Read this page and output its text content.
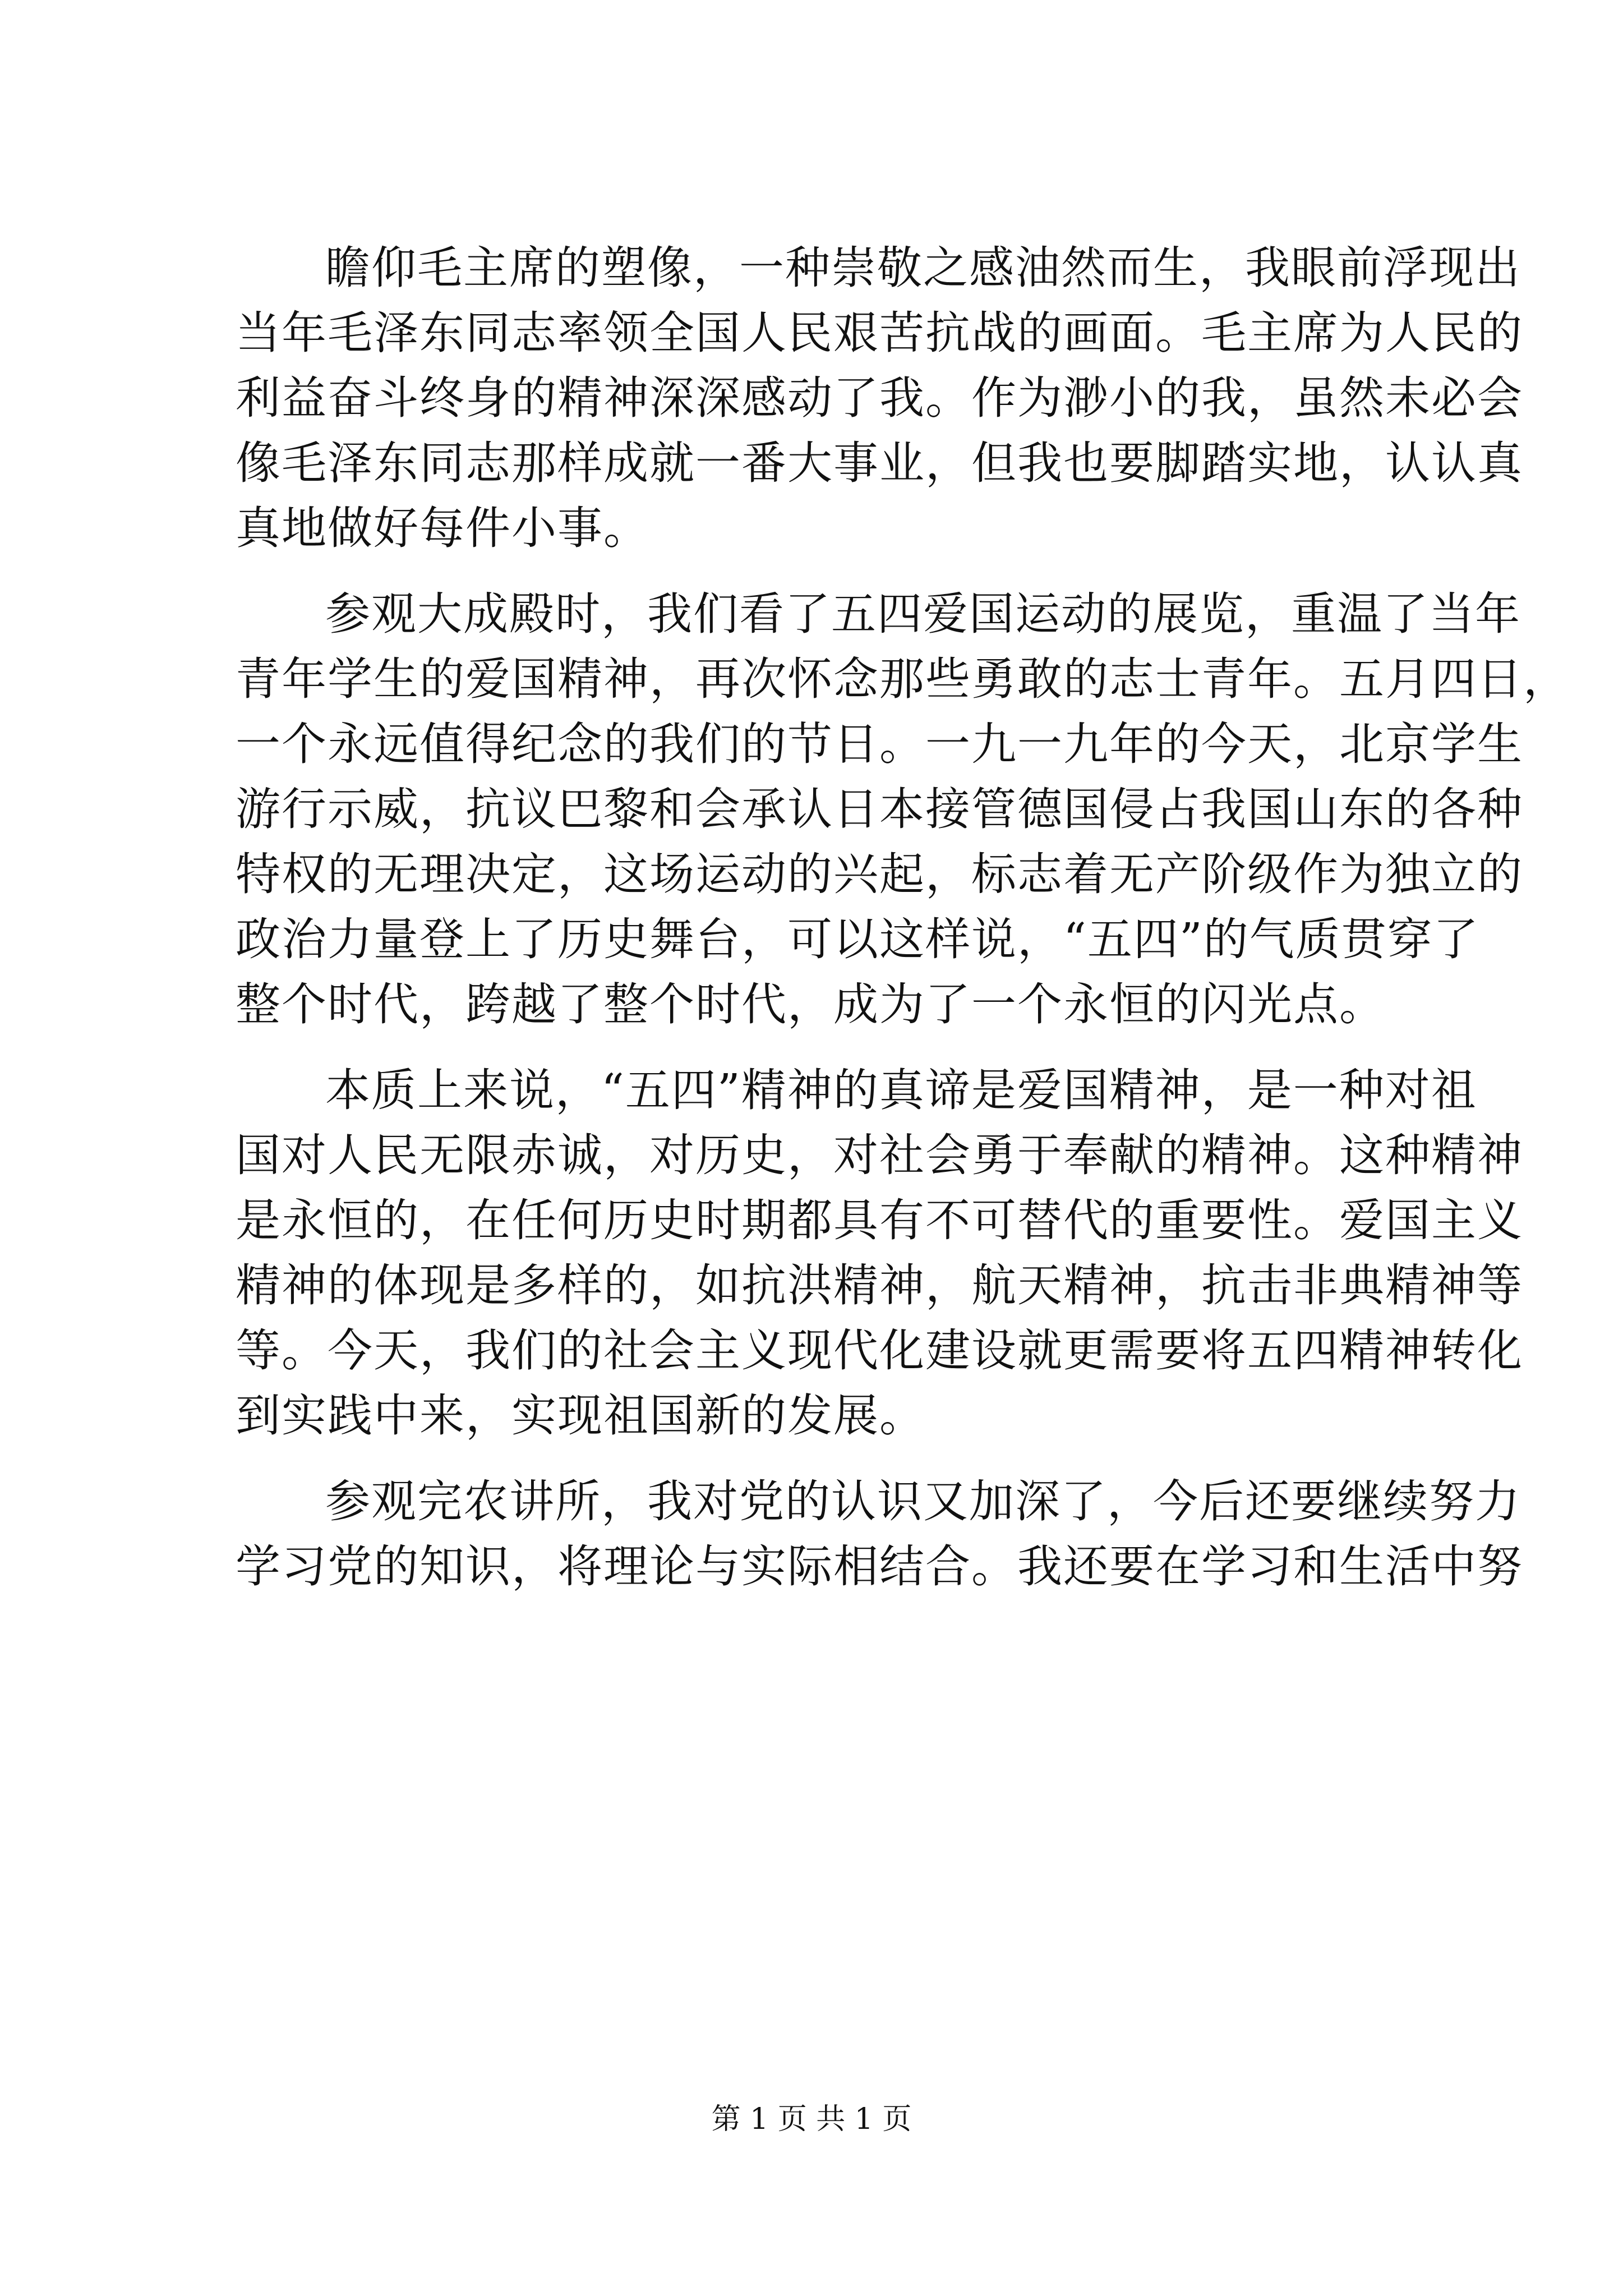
瞻仰毛主席的塑像，一种崇敬之感油然而生，我眼前浮现出
当年毛泽东同志率领全国人民艰苦抗战的画面。毛主席为人民的
利益奋斗终身的精神深深感动了我。作为渺小的我，虽然未必会
像毛泽东同志那样成就一番大事业，但我也要脚踏实地，认认真
真地做好每件小事。
参观大成殿时，我们看了五四爱国运动的展览，重温了当年
青年学生的爱国精神，再次怀念那些勇敢的志士青年。五月四日，
一个永远值得纪念的我们的节日。一九一九年的今天，北京学生
游行示威，抗议巴黎和会承认日本接管德国侵占我国山东的各种
特权的无理决定，这场运动的兴起，标志着无产阶级作为独立的
政治力量登上了历史舞台，可以这样说，“五四”的气质贯穿了
整个时代，跨越了整个时代，成为了一个永恒的闪光点。
本质上来说，“五四”精神的真谛是爱国精神，是一种对祖
国对人民无限赤诚，对历史，对社会勇于奉献的精神。这种精神
是永恒的，在任何历史时期都具有不可替代的重要性。爱国主义
精神的体现是多样的，如抗洪精神，航天精神，抗击非典精神等
等。今天，我们的社会主义现代化建设就更需要将五四精神转化
到实践中来，实现祖国新的发展。
参观完农讲所，我对党的认识又加深了，今后还要继续努力
学习党的知识，将理论与实际相结合。我还要在学习和生活中努
第 1 页 共 1 页
